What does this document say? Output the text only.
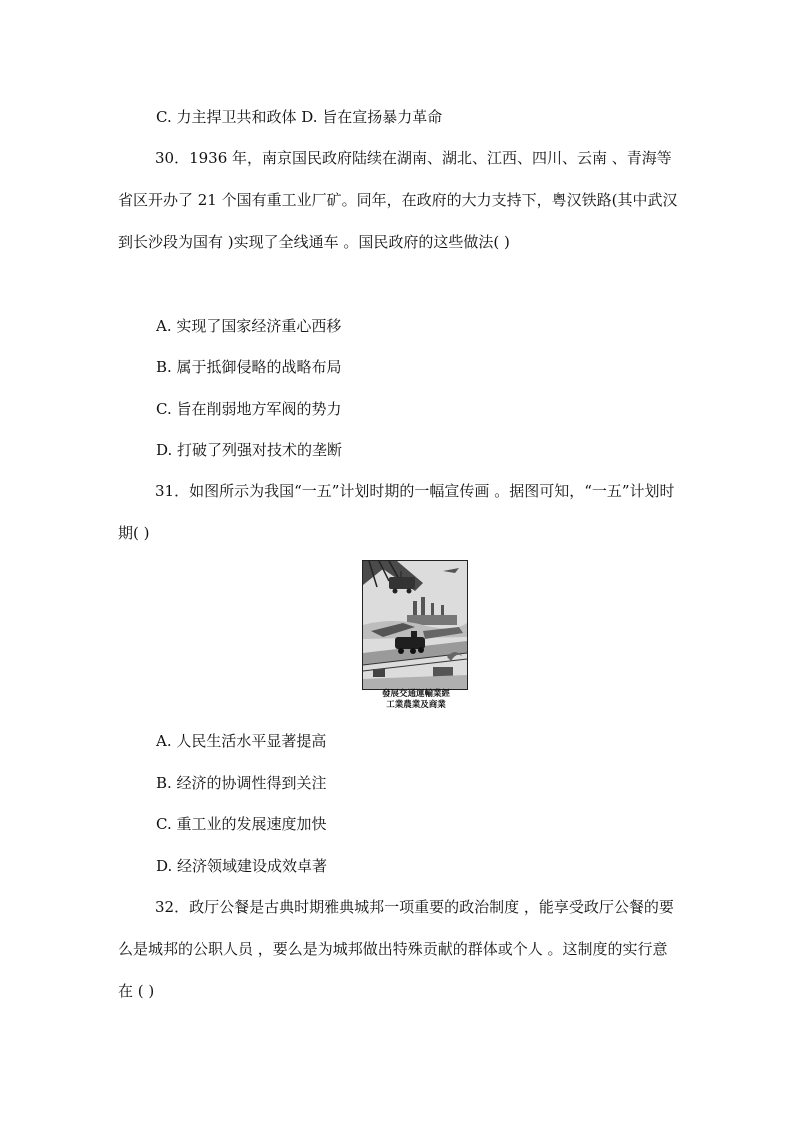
C. 力主捍卫共和政体 D. 旨在宣扬暴力革命
30．1936 年，南京国民政府陆续在湖南、湖北、江西、四川、云南 、青海等省区开办了 21 个国有重工业厂矿。同年，在政府的大力支持下，粤汉铁路(其中武汉到长沙段为国有 )实现了全线通车 。国民政府的这些做法( )
A. 实现了国家经济重心西移
B. 属于抵御侵略的战略布局
C. 旨在削弱地方军阀的势力
D. 打破了列强对技术的垄断
31．如图所示为我国“一五”计划时期的一幅宣传画 。据图可知，“一五”计划时期( )
發展交通運輸業經
工業農業及商業
A. 人民生活水平显著提高
B. 经济的协调性得到关注
C. 重工业的发展速度加快
D. 经济领域建设成效卓著
32．政厅公餐是古典时期雅典城邦一项重要的政治制度 ，能享受政厅公餐的要么是城邦的公职人员 ，要么是为城邦做出特殊贡献的群体或个人 。这制度的实行意在 ( )
